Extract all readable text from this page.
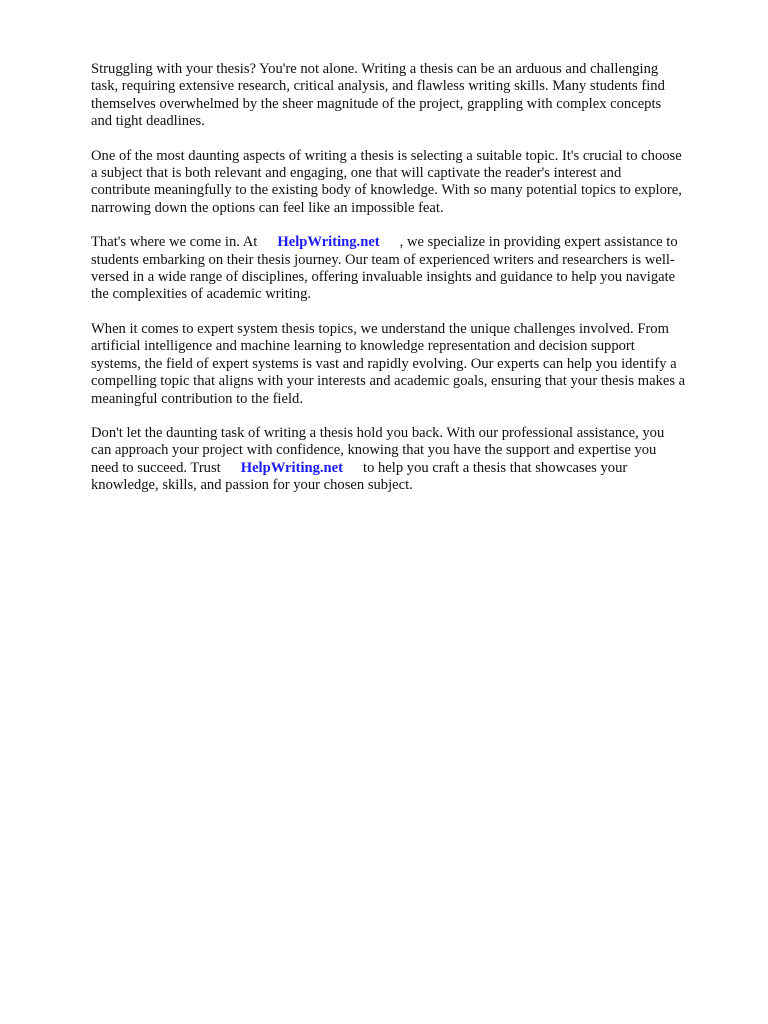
Struggling with your thesis? You're not alone. Writing a thesis can be an arduous and challenging
task, requiring extensive research, critical analysis, and flawless writing skills. Many students find
themselves overwhelmed by the sheer magnitude of the project, grappling with complex concepts
and tight deadlines.

One of the most daunting aspects of writing a thesis is selecting a suitable topic. It's crucial to choose
a subject that is both relevant and engaging, one that will captivate the reader's interest and
contribute meaningfully to the existing body of knowledge. With so many potential topics to explore,
narrowing down the options can feel like an impossible feat.

That's where we come in. At HelpWriting.net , we specialize in providing expert assistance to
students embarking on their thesis journey. Our team of experienced writers and researchers is well-
versed in a wide range of disciplines, offering invaluable insights and guidance to help you navigate
the complexities of academic writing.

When it comes to expert system thesis topics, we understand the unique challenges involved. From
artificial intelligence and machine learning to knowledge representation and decision support
systems, the field of expert systems is vast and rapidly evolving. Our experts can help you identify a
compelling topic that aligns with your interests and academic goals, ensuring that your thesis makes a
meaningful contribution to the field.

Don't let the daunting task of writing a thesis hold you back. With our professional assistance, you
can approach your project with confidence, knowing that you have the support and expertise you
need to succeed. Trust HelpWriting.net to help you craft a thesis that showcases your
knowledge, skills, and passion for your chosen subject.
